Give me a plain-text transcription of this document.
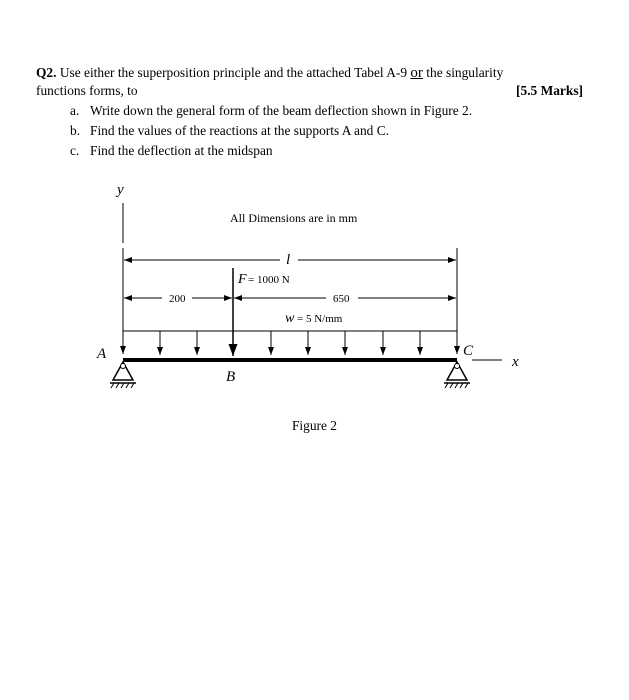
Q2. Use either the superposition principle and the attached Tabel A-9 or the singularity
functions forms, to	[5.5 Marks]
a. Write down the general form of the beam deflection shown in Figure 2.
b. Find the values of the reactions at the supports A and C.
c. Find the deflection at the midspan
y
All Dimensions are in mm
l
F = 1000 N
200	650
w = 5 N/mm
A	C
x
B
Figure 2
